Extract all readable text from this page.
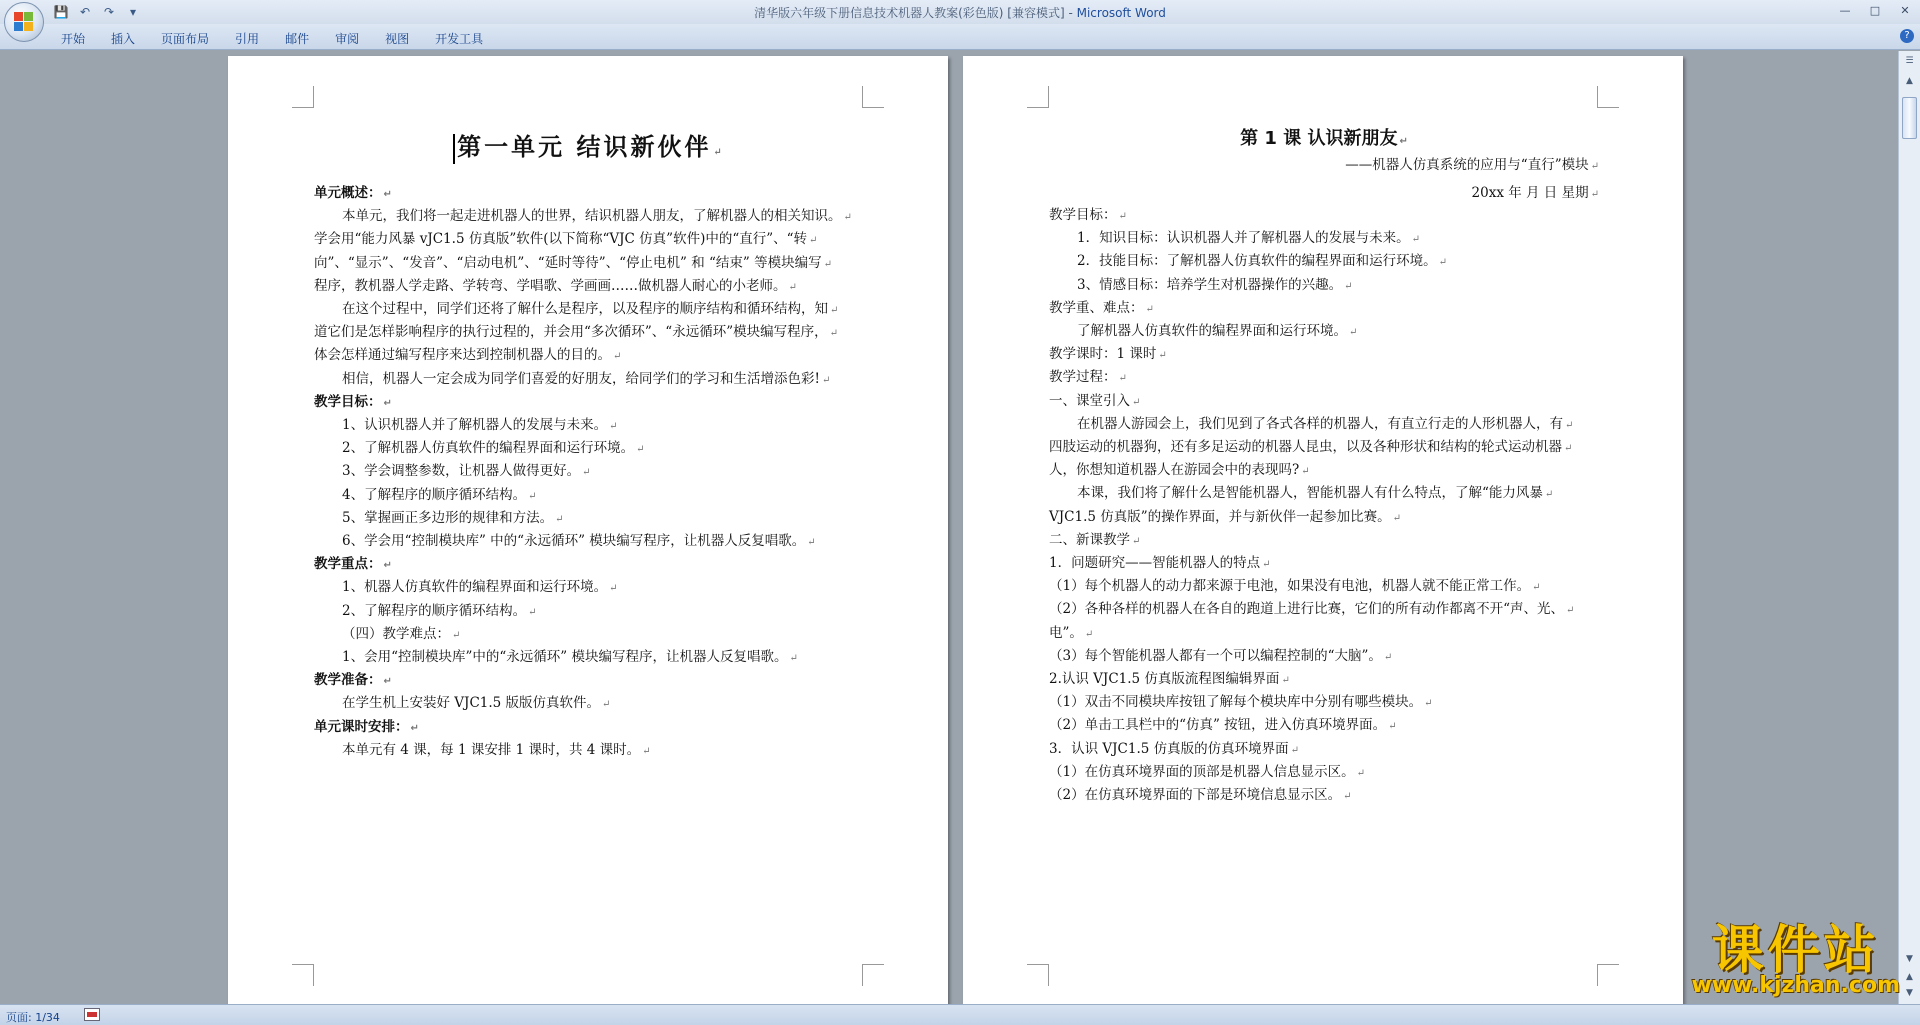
💾 ↶	↷	▾	清华版六年级下册信息技术机器人教案(彩色版) [兼容模式] - Microsoft Word	—	□	✕
开始	插入	页面布局	引用	邮件	审阅	视图	开发工具	?
第一单元 结识新伙伴 ↵
单元概述： ↵
本单元，我们将一起走进机器人的世界，结识机器人朋友，了解机器人的相关知识。 ↵
学会用“能力风暴 vJC1.5 仿真版”软件(以下简称“VJC 仿真”软件)中的“直行”、“转 ↵
向”、“显示”、“发音”、“启动电机”、“延时等待”、“停止电机” 和 “结束” 等模块编写 ↵
程序，教机器人学走路、学转弯、学唱歌、学画画……做机器人耐心的小老师。 ↵
在这个过程中，同学们还将了解什么是程序，以及程序的顺序结构和循环结构，知 ↵
道它们是怎样影响程序的执行过程的，并会用“多次循环”、“永远循环”模块编写程序， ↵
体会怎样通过编写程序来达到控制机器人的目的。 ↵
相信，机器人一定会成为同学们喜爱的好朋友，给同学们的学习和生活增添色彩! ↵
教学目标： ↵
1、认识机器人并了解机器人的发展与未来。 ↵
2、了解机器人仿真软件的编程界面和运行环境。 ↵
3、学会调整参数，让机器人做得更好。 ↵
4、了解程序的顺序循环结构。 ↵
5、掌握画正多边形的规律和方法。 ↵
6、学会用“控制模块库” 中的“永远循环” 模块编写程序，让机器人反复唱歌。 ↵
教学重点： ↵
1、机器人仿真软件的编程界面和运行环境。 ↵
2、了解程序的顺序循环结构。 ↵
（四）教学难点： ↵
1、会用“控制模块库”中的“永远循环” 模块编写程序，让机器人反复唱歌。 ↵
教学准备： ↵
在学生机上安装好 VJC1.5 版版仿真软件。 ↵
单元课时安排： ↵
本单元有 4 课，每 1 课安排 1 课时，共 4 课时。 ↵
第 1 课 认识新朋友 ↵
——机器人仿真系统的应用与“直行”模块 ↵
20xx 年 月 日 星期 ↵
教学目标： ↵
1．知识目标：认识机器人并了解机器人的发展与未来。 ↵
2．技能目标：了解机器人仿真软件的编程界面和运行环境。 ↵
3、情感目标：培养学生对机器操作的兴趣。 ↵
教学重、难点： ↵
了解机器人仿真软件的编程界面和运行环境。 ↵
教学课时：1 课时 ↵
教学过程： ↵
一、课堂引入 ↵
在机器人游园会上，我们见到了各式各样的机器人，有直立行走的人形机器人，有 ↵
四肢运动的机器狗，还有多足运动的机器人昆虫，以及各种形状和结构的轮式运动机器 ↵
人，你想知道机器人在游园会中的表现吗? ↵
本课，我们将了解什么是智能机器人，智能机器人有什么特点，了解“能力风暴 ↵
VJC1.5 仿真版”的操作界面，并与新伙伴一起参加比赛。 ↵
二、新课教学 ↵
1．问题研究——智能机器人的特点 ↵
（1）每个机器人的动力都来源于电池，如果没有电池，机器人就不能正常工作。 ↵
（2）各种各样的机器人在各自的跑道上进行比赛，它们的所有动作都离不开“声、光、 ↵
电”。 ↵
（3）每个智能机器人都有一个可以编程控制的“大脑”。 ↵
2.认识 VJC1.5 仿真版流程图编辑界面 ↵
（1）双击不同模块库按钮了解每个模块库中分别有哪些模块。 ↵
（2）单击工具栏中的“仿真” 按钮，进入仿真环境界面。 ↵
3．认识 VJC1.5 仿真版的仿真环境界面 ↵
（1）在仿真环境界面的顶部是机器人信息显示区。 ↵
（2）在仿真环境界面的下部是环境信息显示区。 ↵
☰
▲
▼
▲
▼
页面: 1/34
课件站
www.kjzhan.com
